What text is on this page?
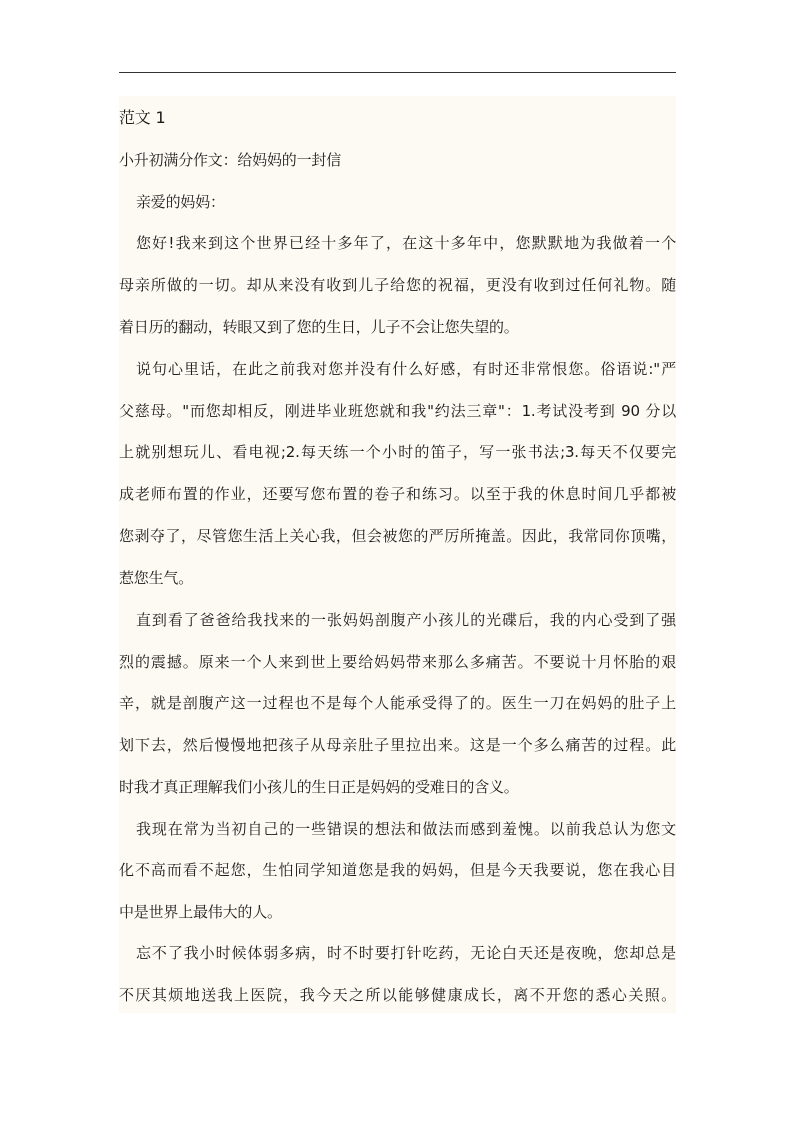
范文 1
小升初满分作文：给妈妈的一封信
亲爱的妈妈：
您好!我来到这个世界已经十多年了，在这十多年中，您默默地为我做着一个
母亲所做的一切。却从来没有收到儿子给您的祝福，更没有收到过任何礼物。随
着日历的翻动，转眼又到了您的生日，儿子不会让您失望的。
说句心里话，在此之前我对您并没有什么好感，有时还非常恨您。俗语说:"严
父慈母。"而您却相反，刚进毕业班您就和我"约法三章"：1.考试没考到 90 分以
上就别想玩儿、看电视;2.每天练一个小时的笛子，写一张书法;3.每天不仅要完
成老师布置的作业，还要写您布置的卷子和练习。以至于我的休息时间几乎都被
您剥夺了，尽管您生活上关心我，但会被您的严厉所掩盖。因此，我常同你顶嘴，
惹您生气。
直到看了爸爸给我找来的一张妈妈剖腹产小孩儿的光碟后，我的内心受到了强
烈的震撼。原来一个人来到世上要给妈妈带来那么多痛苦。不要说十月怀胎的艰
辛，就是剖腹产这一过程也不是每个人能承受得了的。医生一刀在妈妈的肚子上
划下去，然后慢慢地把孩子从母亲肚子里拉出来。这是一个多么痛苦的过程。此
时我才真正理解我们小孩儿的生日正是妈妈的受难日的含义。
我现在常为当初自己的一些错误的想法和做法而感到羞愧。以前我总认为您文
化不高而看不起您，生怕同学知道您是我的妈妈，但是今天我要说，您在我心目
中是世界上最伟大的人。
忘不了我小时候体弱多病，时不时要打针吃药，无论白天还是夜晚，您却总是
不厌其烦地送我上医院，我今天之所以能够健康成长，离不开您的悉心关照。
